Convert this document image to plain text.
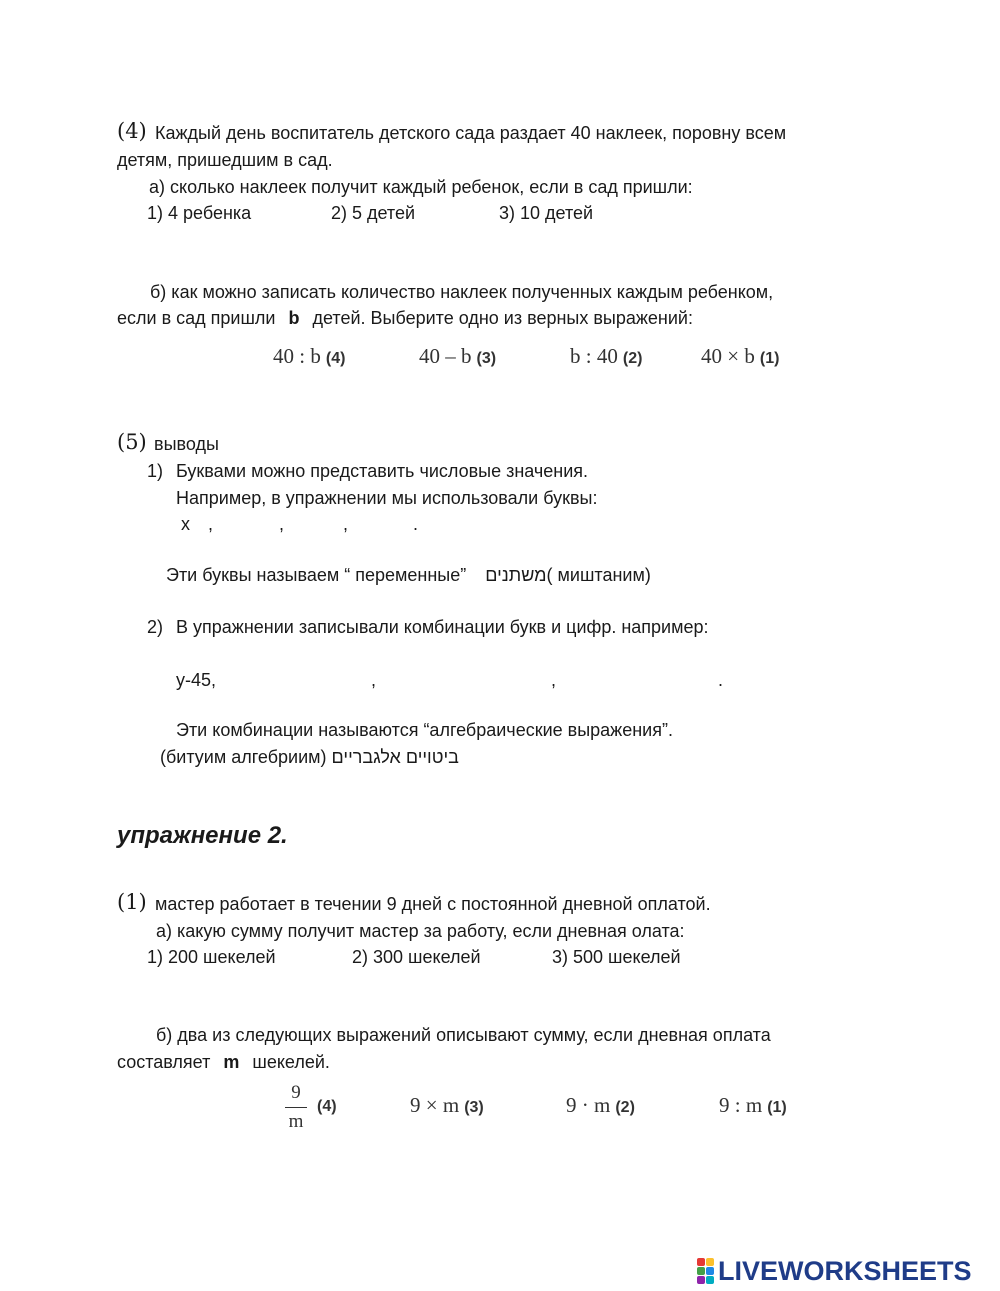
(4) Каждый день воспитатель детского сада раздает 40 наклеек, поровну всем
детям, пришедшим в сад.
а) сколько наклеек получит каждый ребенок, если в сад пришли:
1) 4 ребенка	2) 5 детей	3) 10 детей
б) как можно записать количество наклеек полученных каждым ребенком,
если в сад пришли b детей. Выберите одно из верных выражений:
40 : b (4)	40 – b (3)	b : 40 (2)	40 × b (1)
(5) выводы
1) Буквами можно представить числовые значения.
Например, в упражнении мы использовали буквы:
x ,	,	,	.
Эти буквы называем “ переменные” משתנים( миштаним)
2) В упражнении записывали комбинации букв и цифр. например:
y-45,	,	,	.
Эти комбинации называются “алгебраические выражения”.
(битуим алгебриим) ביטויים אלגבריים
упражнение 2.
(1) мастер работает в течении 9 дней с постоянной дневной оплатой.
а) какую сумму получит мастер за работу, если дневная олата:
1) 200 шекелей	2) 300 шекелей	3) 500 шекелей
б) два из следующих выражений описывают сумму, если дневная оплата
составляет m шекелей.
9
m
(4)	9 × m (3)	9 · m (2)	9 : m (1)
LIVEWORKSHEETS
